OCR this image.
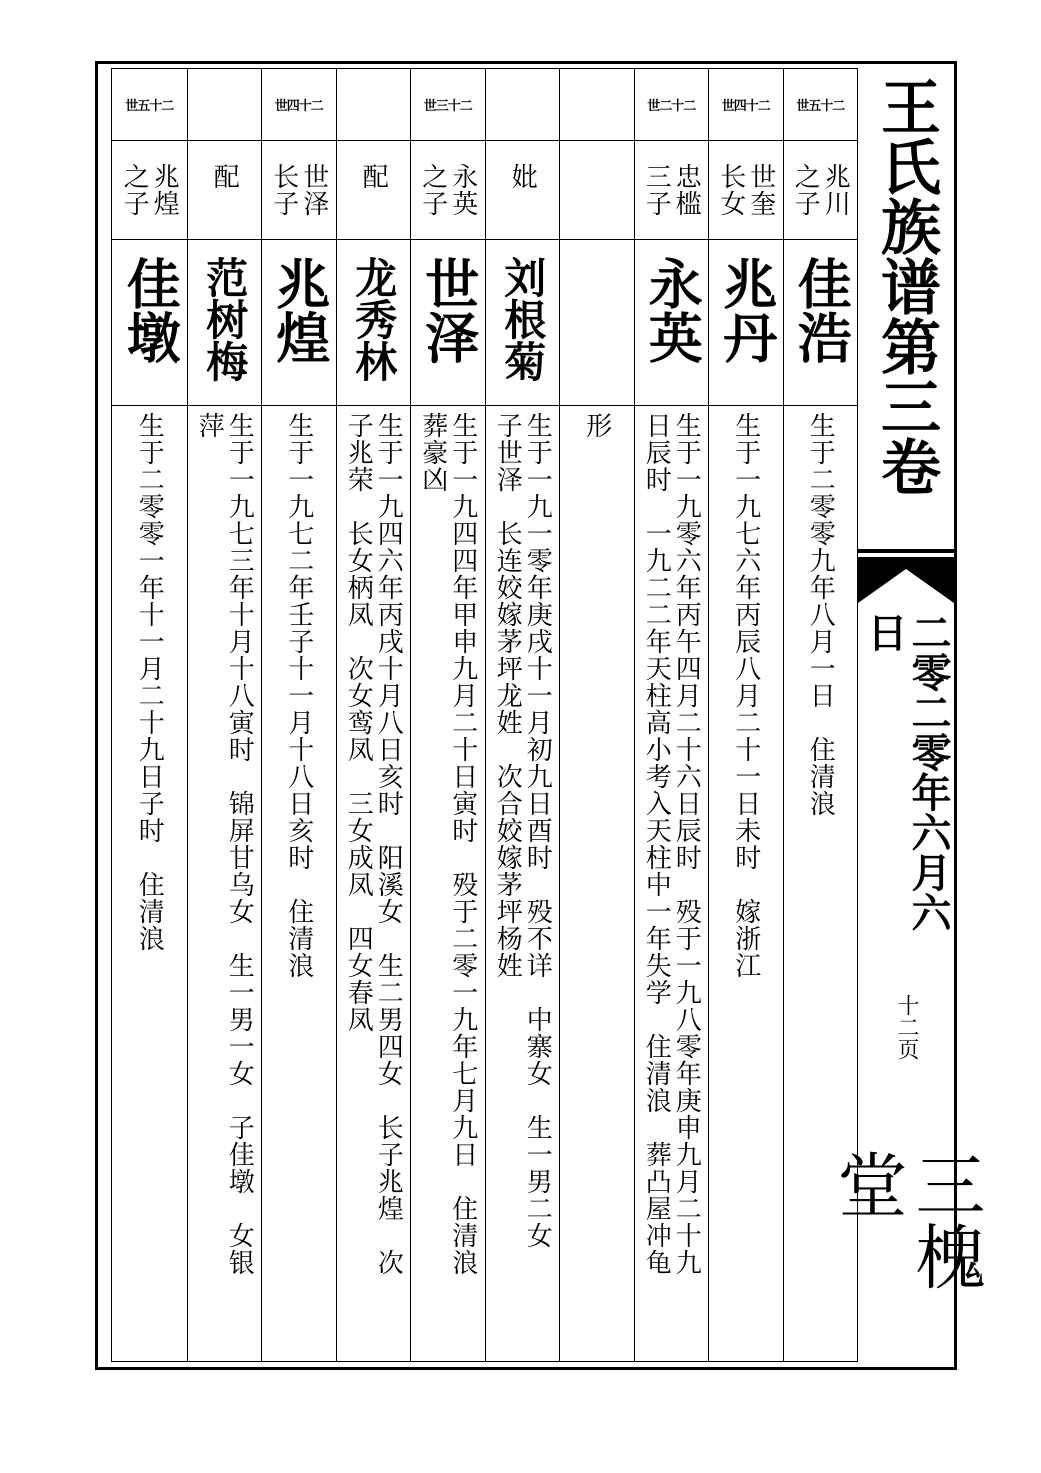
世五十二
兆煌之子
佳墩
生于二零零一年十一月二十九日子时　住清浪
配
范树梅
生于一九七三年十月十八寅时　锦屏甘乌女　生一男一女　子佳墩　女银萍
世四十二
世泽长子
兆煌
生于一九七二年壬子十一月十八日亥时　住清浪
配
龙秀林
生于一九四六年丙戌十月八日亥时　阳溪女　生二男四女　长子兆煌　次子兆荣　长女柄凤　次女鸾凤　三女成凤　四女春凤
世三十二
永英之子
世泽
生于一九四四年甲申九月二十日寅时　殁于二零一九年七月九日　住清浪　葬豪凶
妣
刘根菊
生于一九一零年庚戌十一月初九日酉时　殁不详　中寨女　生一男二女　子世泽　长连姣嫁茅坪龙姓　次合姣嫁茅坪杨姓	形
世二十二
忠槛三子
永英
生于一九零六年丙午四月二十六日辰时　殁于一九八零年庚申九月二十九日辰时　一九二二年天柱高小考入天柱中一年失学　住清浪　葬凸屋冲龟
世四十二
世奎长女
兆丹
生于一九七六年丙辰八月二十一日未时　嫁浙江
世五十二
兆川之子
佳浩
生于二零零九年八月一日　住清浪
王氏族谱第三卷
二零二零年六月六日
十二页
三槐堂
